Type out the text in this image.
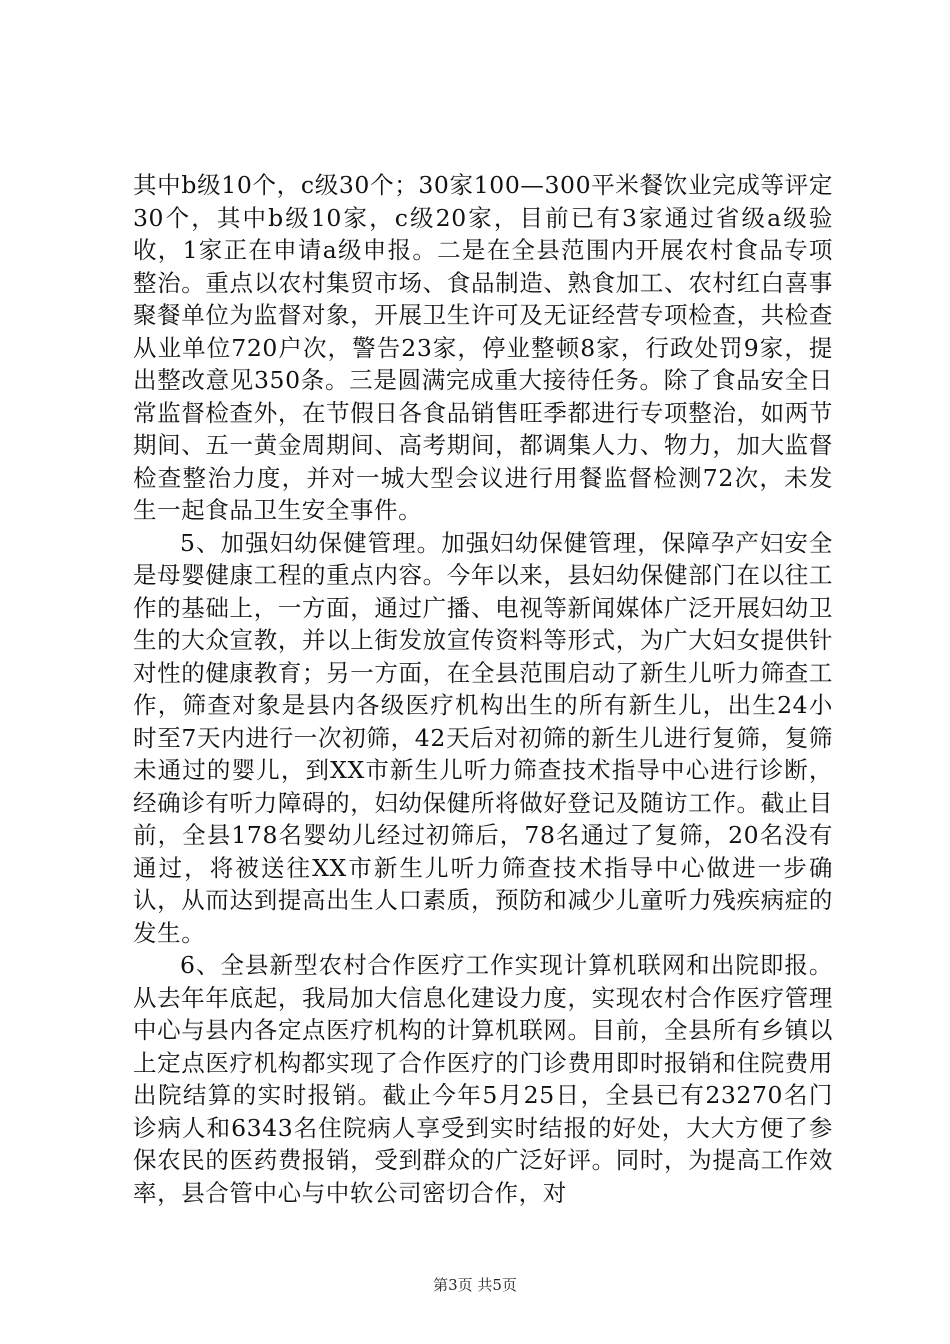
其中b级10个，c级30个；30家100—300平米餐饮业完成等评定30个，其中b级10家，c级20家，目前已有3家通过省级a级验收，1家正在申请a级申报。二是在全县范围内开展农村食品专项整治。重点以农村集贸市场、食品制造、熟食加工、农村红白喜事聚餐单位为监督对象，开展卫生许可及无证经营专项检查，共检查从业单位720户次，警告23家，停业整顿8家，行政处罚9家，提出整改意见350条。三是圆满完成重大接待任务。除了食品安全日常监督检查外，在节假日各食品销售旺季都进行专项整治，如两节期间、五一黄金周期间、高考期间，都调集人力、物力，加大监督检查整治力度，并对一城大型会议进行用餐监督检测72次，未发生一起食品卫生安全事件。

5、加强妇幼保健管理。加强妇幼保健管理，保障孕产妇安全是母婴健康工程的重点内容。今年以来，县妇幼保健部门在以往工作的基础上，一方面，通过广播、电视等新闻媒体广泛开展妇幼卫生的大众宣教，并以上街发放宣传资料等形式，为广大妇女提供针对性的健康教育；另一方面，在全县范围启动了新生儿听力筛查工作，筛查对象是县内各级医疗机构出生的所有新生儿，出生24小时至7天内进行一次初筛，42天后对初筛的新生儿进行复筛，复筛未通过的婴儿，到XX市新生儿听力筛查技术指导中心进行诊断，经确诊有听力障碍的，妇幼保健所将做好登记及随访工作。截止目前，全县178名婴幼儿经过初筛后，78名通过了复筛，20名没有通过，将被送往XX市新生儿听力筛查技术指导中心做进一步确认，从而达到提高出生人口素质，预防和减少儿童听力残疾病症的发生。

6、全县新型农村合作医疗工作实现计算机联网和出院即报。从去年年底起，我局加大信息化建设力度，实现农村合作医疗管理中心与县内各定点医疗机构的计算机联网。目前，全县所有乡镇以上定点医疗机构都实现了合作医疗的门诊费用即时报销和住院费用出院结算的实时报销。截止今年5月25日，全县已有23270名门诊病人和6343名住院病人享受到实时结报的好处，大大方便了参保农民的医药费报销，受到群众的广泛好评。同时，为提高工作效率，县合管中心与中软公司密切合作，对

第3页 共5页
